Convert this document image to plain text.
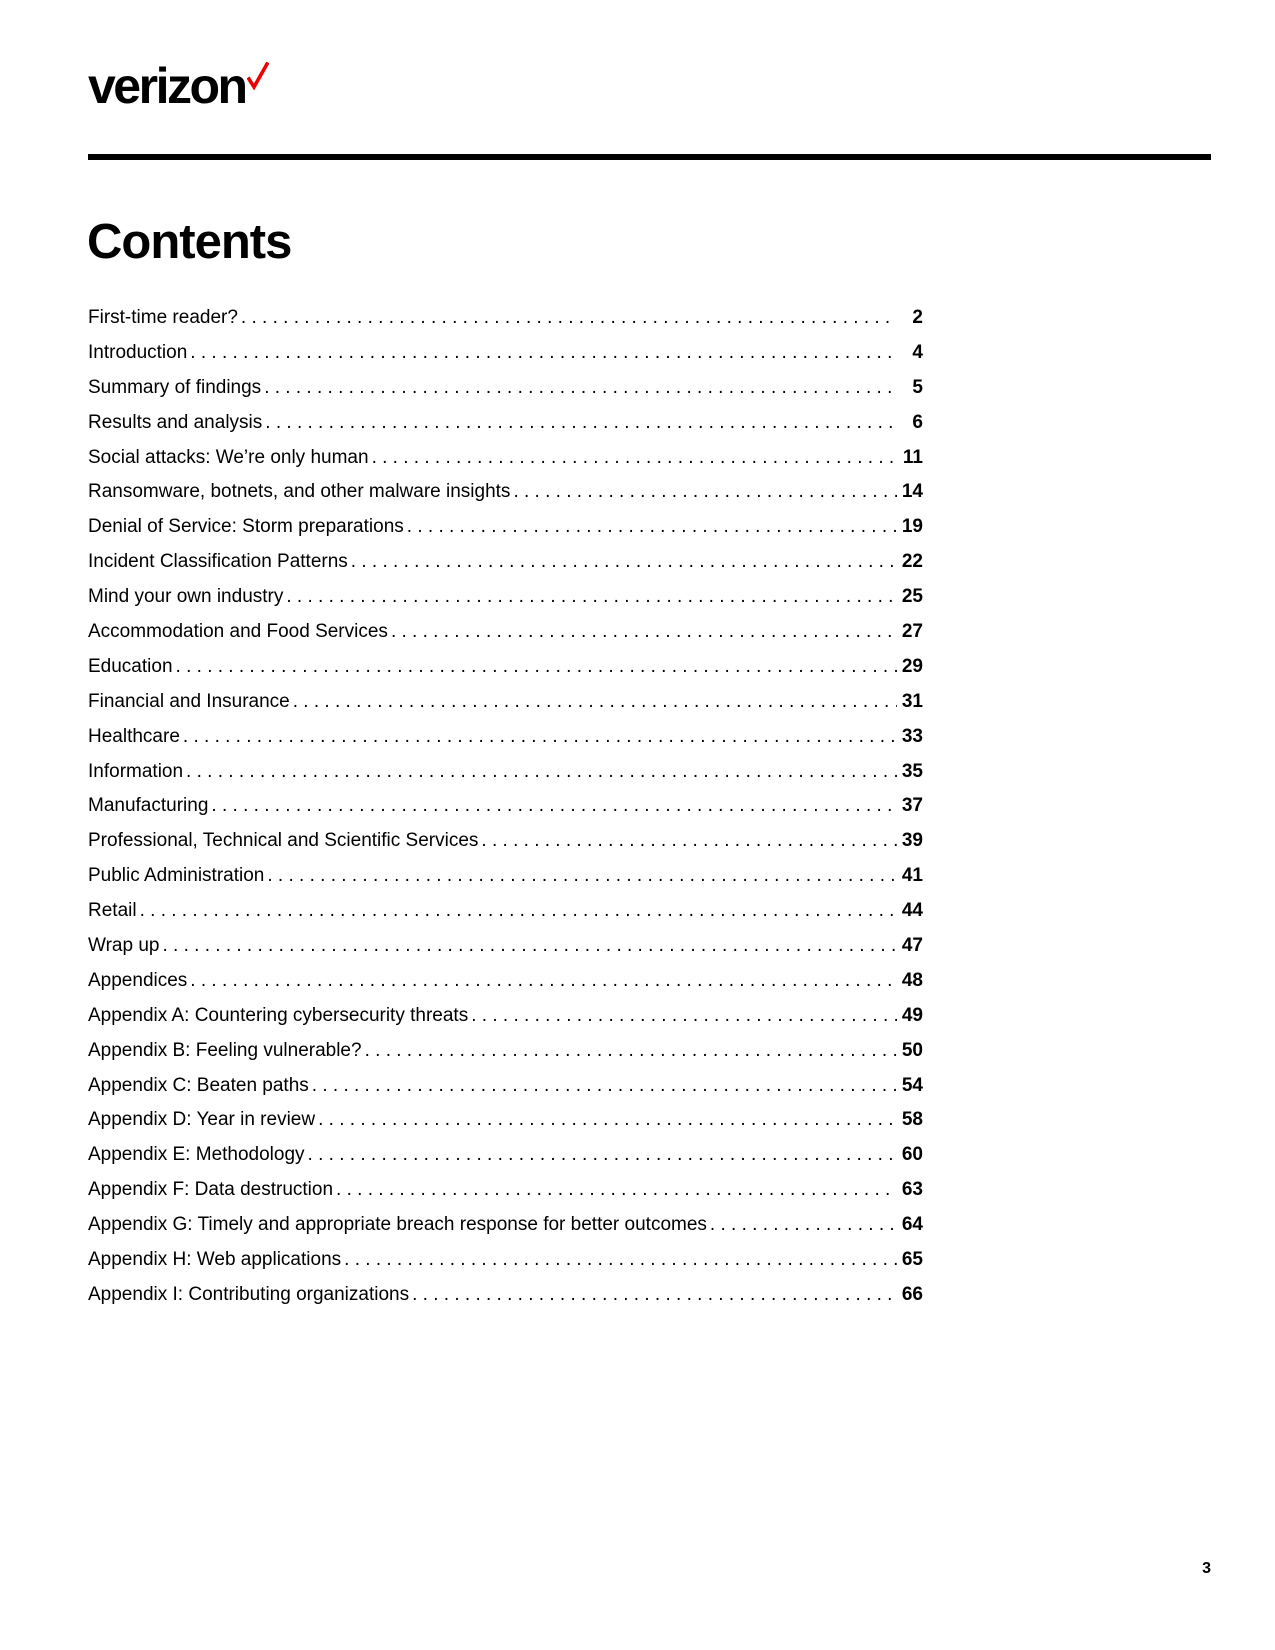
verizon
Contents
First-time reader? . . .	2
Introduction . . .	4
Summary of findings . . .	5
Results and analysis . . .	6
Social attacks: We’re only human . . .	11
Ransomware, botnets, and other malware insights . . .	14
Denial of Service: Storm preparations . . .	19
Incident Classification Patterns . . .	22
Mind your own industry . . .	25
Accommodation and Food Services . . .	27
Education . . .	29
Financial and Insurance . . .	31
Healthcare . . .	33
Information . . .	35
Manufacturing . . .	37
Professional, Technical and Scientific Services . . .	39
Public Administration . . .	41
Retail . . .	44
Wrap up . . .	47
Appendices . . .	48
Appendix A: Countering cybersecurity threats . . .	49
Appendix B: Feeling vulnerable? . . .	50
Appendix C: Beaten paths . . .	54
Appendix D: Year in review . . .	58
Appendix E: Methodology . . .	60
Appendix F: Data destruction . . .	63
Appendix G: Timely and appropriate breach response for better outcomes . . .	64
Appendix H: Web applications . . .	65
Appendix I: Contributing organizations . . .	66
3
